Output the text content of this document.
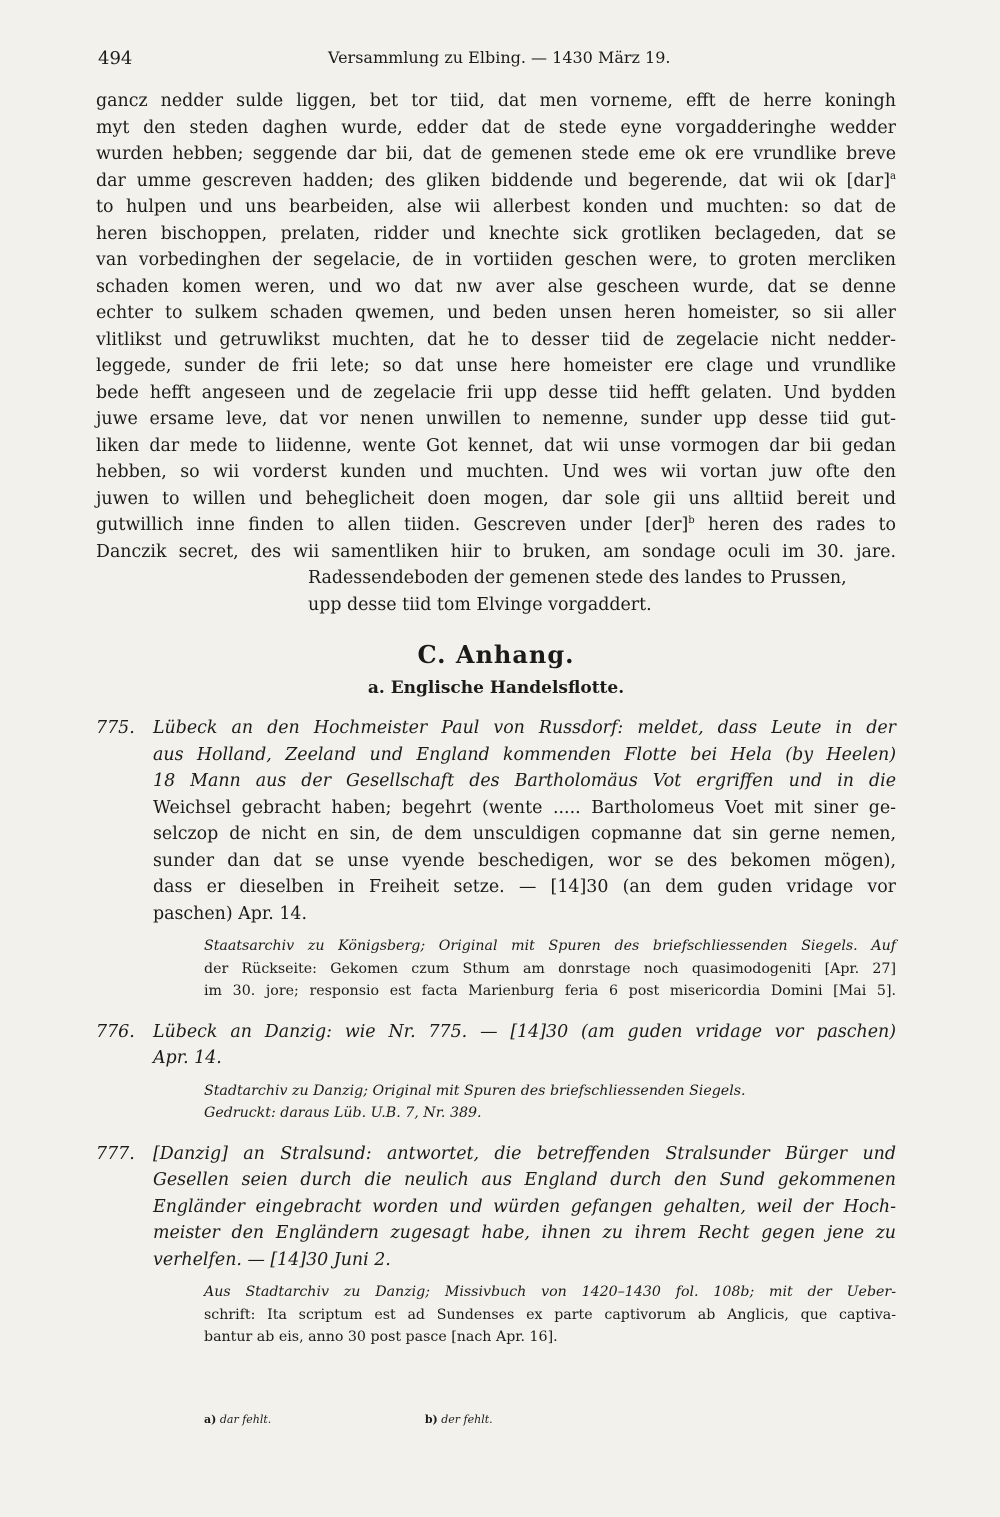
494	Versammlung zu Elbing. — 1430 März 19.
gancz nedder sulde liggen, bet tor tiid, dat men vorneme, efft de herre koningh
myt den steden daghen wurde, edder dat de stede eyne vorgadderinghe wedder
wurden hebben; seggende dar bii, dat de gemenen stede eme ok ere vrundlike breve
dar umme gescreven hadden; des gliken biddende und begerende, dat wii ok [dar]$^a$
to hulpen und uns bearbeiden, alse wii allerbest konden und muchten: so dat de
heren bischoppen, prelaten, ridder und knechte sick grotliken beclageden, dat se
van vorbedinghen der segelacie, de in vortiiden geschen were, to groten mercliken
schaden komen weren, und wo dat nw aver alse gescheen wurde, dat se denne
echter to sulkem schaden qwemen, und beden unsen heren homeister, so sii aller
vlitlikst und getruwlikst muchten, dat he to desser tiid de zegelacie nicht nedder-
leggede, sunder de frii lete; so dat unse here homeister ere clage und vrundlike
bede hefft angeseen und de zegelacie frii upp desse tiid hefft gelaten. Und bydden
juwe ersame leve, dat vor nenen unwillen to nemenne, sunder upp desse tiid gut-
liken dar mede to liidenne, wente Got kennet, dat wii unse vormogen dar bii gedan
hebben, so wii vorderst kunden und muchten. Und wes wii vortan juw ofte den
juwen to willen und beheglicheit doen mogen, dar sole gii uns alltiid bereit und
gutwillich inne finden to allen tiiden. Gescreven under [der]$^b$ heren des rades to
Danczik secret, des wii samentliken hiir to bruken, am sondage oculi im 30. jare.
Radessendeboden der gemenen stede des landes to Prussen,
upp desse tiid tom Elvinge vorgaddert.
C. Anhang.
a. Englische Handelsflotte.
775. Lübeck an den Hochmeister Paul von Russdorf: meldet, dass Leute in der
aus Holland, Zeeland und England kommenden Flotte bei Hela (by Heelen)
18 Mann aus der Gesellschaft des Bartholomäus Vot ergriffen und in die
Weichsel gebracht haben; begehrt (wente ..... Bartholomeus Voet mit siner ge-
selczop de nicht en sin, de dem unsculdigen copmanne dat sin gerne nemen,
sunder dan dat se unse vyende beschedigen, wor se des bekomen mögen),
dass er dieselben in Freiheit setze. — [14]30 (an dem guden vridage vor
paschen) Apr. 14.
Staatsarchiv zu Königsberg; Original mit Spuren des briefschliessenden Siegels. Auf
der Rückseite: Gekomen czum Sthum am donrstage noch quasimodogeniti [Apr. 27]
im 30. jore; responsio est facta Marienburg feria 6 post misericordia Domini [Mai 5].
776. Lübeck an Danzig: wie Nr. 775. — [14]30 (am guden vridage vor paschen)
Apr. 14.
Stadtarchiv zu Danzig; Original mit Spuren des briefschliessenden Siegels.
Gedruckt: daraus Lüb. U.B. 7, Nr. 389.
777. [Danzig] an Stralsund: antwortet, die betreffenden Stralsunder Bürger und
Gesellen seien durch die neulich aus England durch den Sund gekommenen
Engländer eingebracht worden und würden gefangen gehalten, weil der Hoch-
meister den Engländern zugesagt habe, ihnen zu ihrem Recht gegen jene zu
verhelfen. — [14]30 Juni 2.
Aus Stadtarchiv zu Danzig; Missivbuch von 1420–1430 fol. 108b; mit der Ueber-
schrift: Ita scriptum est ad Sundenses ex parte captivorum ab Anglicis, que captiva-
bantur ab eis, anno 30 post pasce [nach Apr. 16].
a) dar fehlt.	b) der fehlt.
